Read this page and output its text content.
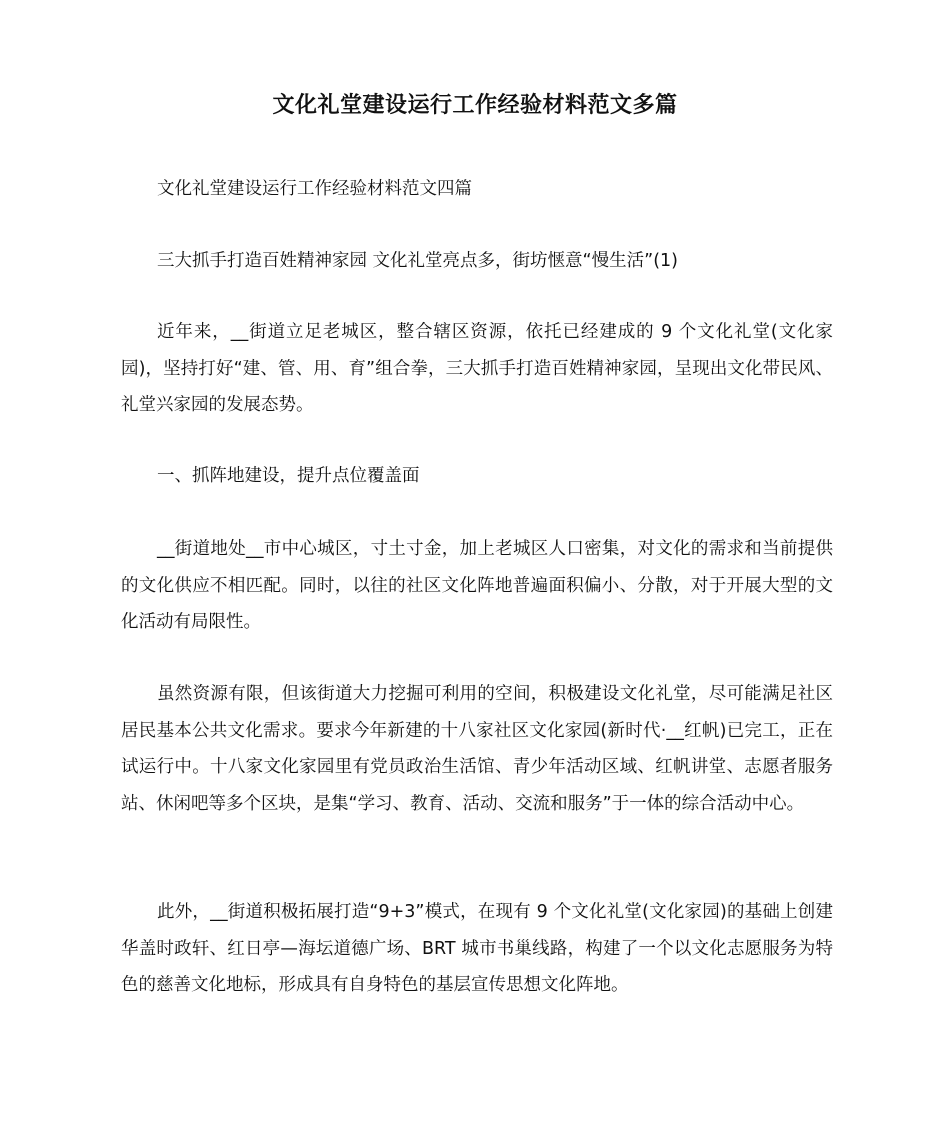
文化礼堂建设运行工作经验材料范文多篇

文化礼堂建设运行工作经验材料范文四篇

三大抓手打造百姓精神家园 文化礼堂亮点多，街坊惬意“慢生活”(1)

近年来，__街道立足老城区，整合辖区资源，依托已经建成的 9 个文化礼堂(文化家园)，坚持打好“建、管、用、育”组合拳，三大抓手打造百姓精神家园，呈现出文化带民风、礼堂兴家园的发展态势。

一、抓阵地建设，提升点位覆盖面

__街道地处__市中心城区，寸土寸金，加上老城区人口密集，对文化的需求和当前提供的文化供应不相匹配。同时，以往的社区文化阵地普遍面积偏小、分散，对于开展大型的文化活动有局限性。

虽然资源有限，但该街道大力挖掘可利用的空间，积极建设文化礼堂，尽可能满足社区居民基本公共文化需求。要求今年新建的十八家社区文化家园(新时代·__红帆)已完工，正在试运行中。十八家文化家园里有党员政治生活馆、青少年活动区域、红帆讲堂、志愿者服务站、休闲吧等多个区块，是集“学习、教育、活动、交流和服务”于一体的综合活动中心。

此外，__街道积极拓展打造“9+3”模式，在现有 9 个文化礼堂(文化家园)的基础上创建华盖时政轩、红日亭—海坛道德广场、BRT 城市书巢线路，构建了一个以文化志愿服务为特色的慈善文化地标，形成具有自身特色的基层宣传思想文化阵地。
